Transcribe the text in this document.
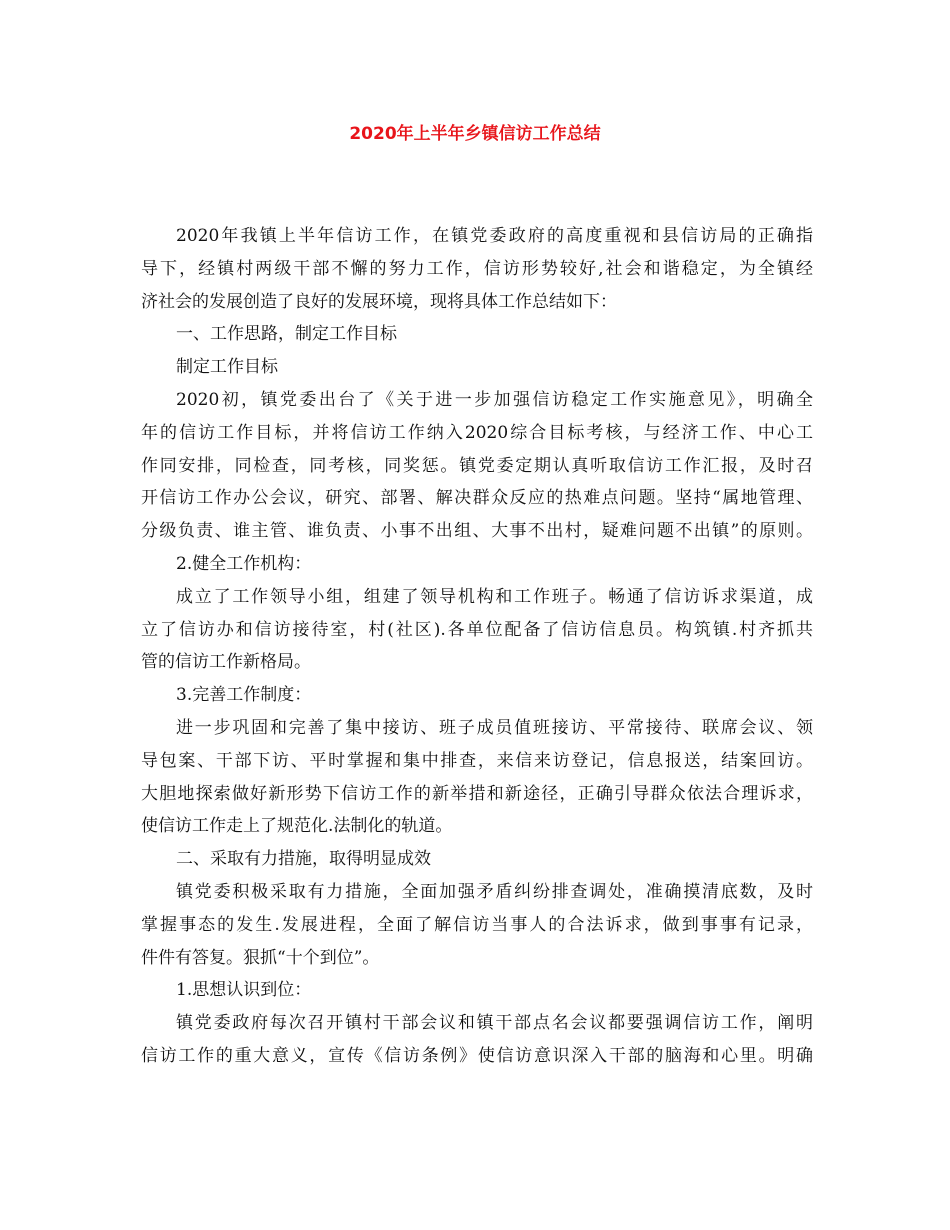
2020年上半年乡镇信访工作总结
2020年我镇上半年信访工作，在镇党委政府的高度重视和县信访局的正确指
导下，经镇村两级干部不懈的努力工作，信访形势较好,社会和谐稳定，为全镇经
济社会的发展创造了良好的发展环境，现将具体工作总结如下：
一、工作思路，制定工作目标
制定工作目标
2020初，镇党委出台了《关于进一步加强信访稳定工作实施意见》，明确全
年的信访工作目标，并将信访工作纳入2020综合目标考核，与经济工作、中心工
作同安排，同检查，同考核，同奖惩。镇党委定期认真听取信访工作汇报，及时召
开信访工作办公会议，研究、部署、解决群众反应的热难点问题。坚持“属地管理、
分级负责、谁主管、谁负责、小事不出组、大事不出村，疑难问题不出镇”的原则。
2.健全工作机构：
成立了工作领导小组，组建了领导机构和工作班子。畅通了信访诉求渠道，成
立了信访办和信访接待室，村(社区).各单位配备了信访信息员。构筑镇.村齐抓共
管的信访工作新格局。
3.完善工作制度：
进一步巩固和完善了集中接访、班子成员值班接访、平常接待、联席会议、领
导包案、干部下访、平时掌握和集中排查，来信来访登记，信息报送，结案回访。
大胆地探索做好新形势下信访工作的新举措和新途径，正确引导群众依法合理诉求，
使信访工作走上了规范化.法制化的轨道。
二、采取有力措施，取得明显成效
镇党委积极采取有力措施，全面加强矛盾纠纷排查调处，准确摸清底数，及时
掌握事态的发生.发展进程，全面了解信访当事人的合法诉求，做到事事有记录，
件件有答复。狠抓“十个到位”。
1.思想认识到位：
镇党委政府每次召开镇村干部会议和镇干部点名会议都要强调信访工作，阐明
信访工作的重大意义，宣传《信访条例》使信访意识深入干部的脑海和心里。明确
